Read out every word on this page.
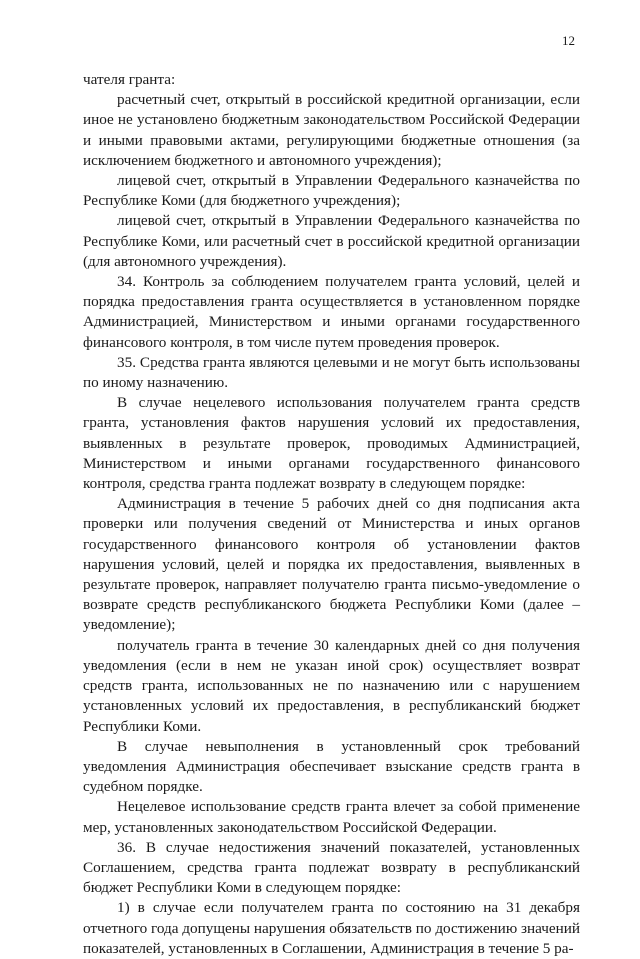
12

чателя гранта:

расчетный счет, открытый в российской кредитной организации, если иное не установлено бюджетным законодательством Российской Федерации и иными правовыми актами, регулирующими бюджетные отношения (за исключением бюджетного и автономного учреждения);

лицевой счет, открытый в Управлении Федерального казначейства по Республике Коми (для бюджетного учреждения);

лицевой счет, открытый в Управлении Федерального казначейства по Республике Коми, или расчетный счет в российской кредитной организации (для автономного учреждения).

34. Контроль за соблюдением получателем гранта условий, целей и порядка предоставления гранта осуществляется в установленном порядке Администрацией, Министерством и иными органами государственного финансового контроля, в том числе путем проведения проверок.

35. Средства гранта являются целевыми и не могут быть использованы по иному назначению.

В случае нецелевого использования получателем гранта средств гранта, установления фактов нарушения условий их предоставления, выявленных в результате проверок, проводимых Администрацией, Министерством и иными органами государственного финансового контроля, средства гранта подлежат возврату в следующем порядке:

Администрация в течение 5 рабочих дней со дня подписания акта проверки или получения сведений от Министерства и иных органов государственного финансового контроля об установлении фактов нарушения условий, целей и порядка их предоставления, выявленных в результате проверок, направляет получателю гранта письмо-уведомление о возврате средств республиканского бюджета Республики Коми (далее – уведомление);

получатель гранта в течение 30 календарных дней со дня получения уведомления (если в нем не указан иной срок) осуществляет возврат средств гранта, использованных не по назначению или с нарушением установленных условий их предоставления, в республиканский бюджет Республики Коми.

В случае невыполнения в установленный срок требований уведомления Администрация обеспечивает взыскание средств гранта в судебном порядке.

Нецелевое использование средств гранта влечет за собой применение мер, установленных законодательством Российской Федерации.

36. В случае недостижения значений показателей, установленных Соглашением, средства гранта подлежат возврату в республиканский бюджет Республики Коми в следующем порядке:

1) в случае если получателем гранта по состоянию на 31 декабря отчетного года допущены нарушения обязательств по достижению значений показателей, установленных в Соглашении, Администрация в течение 5 ра-
